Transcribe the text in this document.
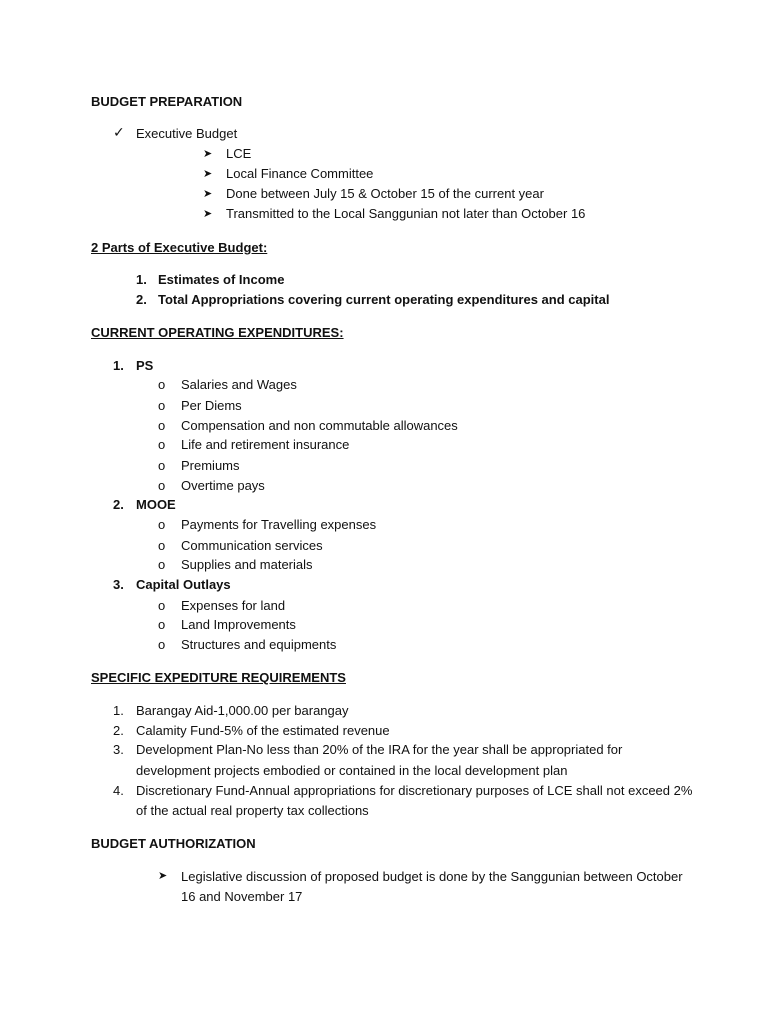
BUDGET PREPARATION
✓ Executive Budget
➤ LCE
➤ Local Finance Committee
➤ Done between July 15 & October 15 of the current year
➤ Transmitted to the Local Sanggunian not later than October 16
2 Parts of Executive Budget:
1. Estimates of Income
2. Total Appropriations covering current operating expenditures and capital
CURRENT OPERATING EXPENDITURES:
1. PS
o Salaries and Wages
o Per Diems
o Compensation and non commutable allowances
o Life and retirement insurance
o Premiums
o Overtime pays
2. MOOE
o Payments for Travelling expenses
o Communication services
o Supplies and materials
3. Capital Outlays
o Expenses for land
o Land Improvements
o Structures and equipments
SPECIFIC EXPEDITURE REQUIREMENTS
1. Barangay Aid-1,000.00 per barangay
2. Calamity Fund-5% of the estimated revenue
3. Development Plan-No less than 20% of the IRA for the year shall be appropriated for
development projects embodied or contained in the local development plan
4. Discretionary Fund-Annual appropriations for discretionary purposes of LCE shall not exceed 2%
of the actual real property tax collections
BUDGET AUTHORIZATION
➤ Legislative discussion of proposed budget is done by the Sanggunian between October
16 and November 17
